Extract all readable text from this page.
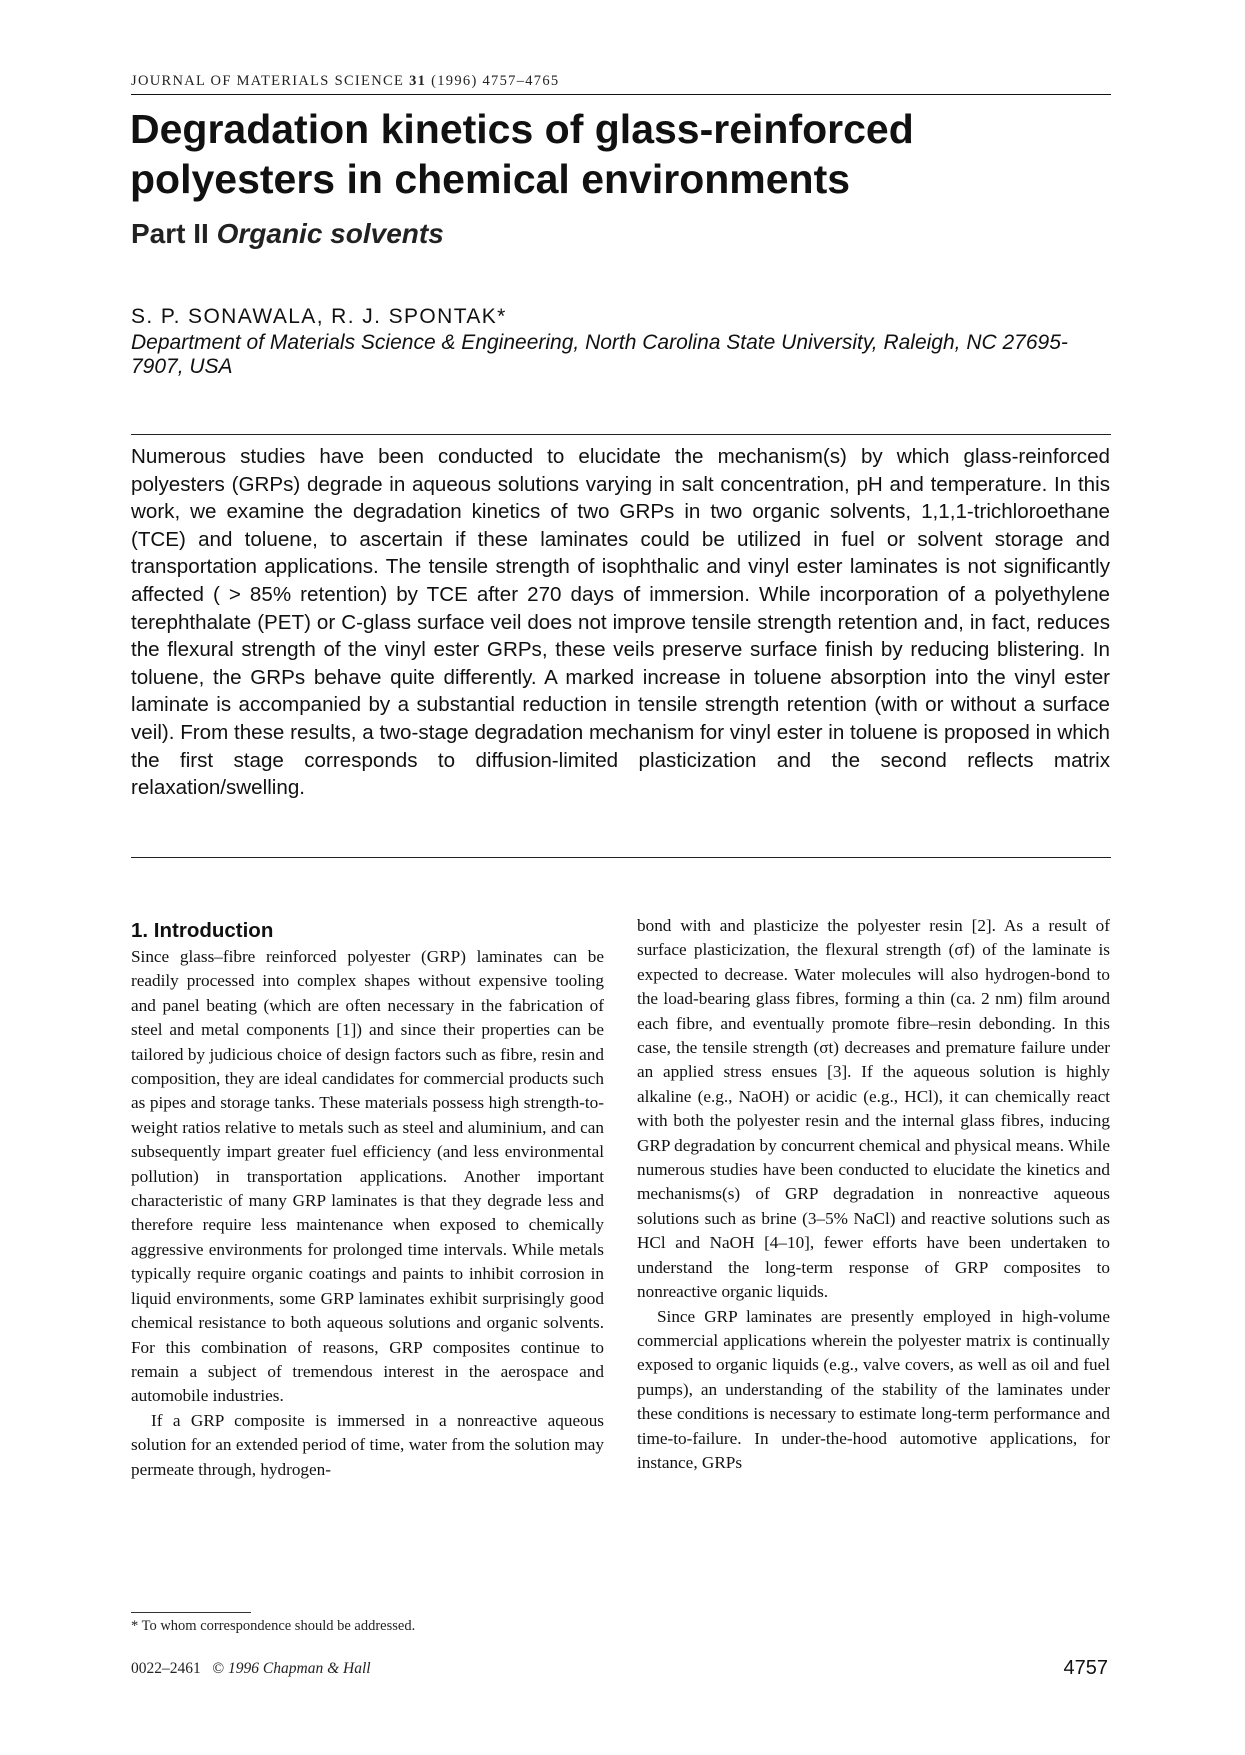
JOURNAL OF MATERIALS SCIENCE 31 (1996) 4757–4765
Degradation kinetics of glass-reinforced polyesters in chemical environments
Part II Organic solvents
S. P. SONAWALA, R. J. SPONTAK*
Department of Materials Science & Engineering, North Carolina State University, Raleigh, NC 27695-7907, USA

Numerous studies have been conducted to elucidate the mechanism(s) by which glass-reinforced polyesters (GRPs) degrade in aqueous solutions varying in salt concentration, pH and temperature. In this work, we examine the degradation kinetics of two GRPs in two organic solvents, 1,1,1-trichloroethane (TCE) and toluene, to ascertain if these laminates could be utilized in fuel or solvent storage and transportation applications. The tensile strength of isophthalic and vinyl ester laminates is not significantly affected ( > 85% retention) by TCE after 270 days of immersion. While incorporation of a polyethylene terephthalate (PET) or C-glass surface veil does not improve tensile strength retention and, in fact, reduces the flexural strength of the vinyl ester GRPs, these veils preserve surface finish by reducing blistering. In toluene, the GRPs behave quite differently. A marked increase in toluene absorption into the vinyl ester laminate is accompanied by a substantial reduction in tensile strength retention (with or without a surface veil). From these results, a two-stage degradation mechanism for vinyl ester in toluene is proposed in which the first stage corresponds to diffusion-limited plasticization and the second reflects matrix relaxation/swelling.

1. Introduction

Since glass–fibre reinforced polyester (GRP) laminates can be readily processed into complex shapes without expensive tooling and panel beating (which are often necessary in the fabrication of steel and metal components [1]) and since their properties can be tailored by judicious choice of design factors such as fibre, resin and composition, they are ideal candidates for commercial products such as pipes and storage tanks. These materials possess high strength-to-weight ratios relative to metals such as steel and aluminium, and can subsequently impart greater fuel efficiency (and less environmental pollution) in transportation applications. Another important characteristic of many GRP laminates is that they degrade less and therefore require less maintenance when exposed to chemically aggressive environments for prolonged time intervals. While metals typically require organic coatings and paints to inhibit corrosion in liquid environments, some GRP laminates exhibit surprisingly good chemical resistance to both aqueous solutions and organic solvents. For this combination of reasons, GRP composites continue to remain a subject of tremendous interest in the aerospace and automobile industries.

If a GRP composite is immersed in a nonreactive aqueous solution for an extended period of time, water from the solution may permeate through, hydrogen-

bond with and plasticize the polyester resin [2]. As a result of surface plasticization, the flexural strength (σf) of the laminate is expected to decrease. Water molecules will also hydrogen-bond to the load-bearing glass fibres, forming a thin (ca. 2 nm) film around each fibre, and eventually promote fibre–resin debonding. In this case, the tensile strength (σt) decreases and premature failure under an applied stress ensues [3]. If the aqueous solution is highly alkaline (e.g., NaOH) or acidic (e.g., HCl), it can chemically react with both the polyester resin and the internal glass fibres, inducing GRP degradation by concurrent chemical and physical means. While numerous studies have been conducted to elucidate the kinetics and mechanisms(s) of GRP degradation in nonreactive aqueous solutions such as brine (3–5% NaCl) and reactive solutions such as HCl and NaOH [4–10], fewer efforts have been undertaken to understand the long-term response of GRP composites to nonreactive organic liquids.

Since GRP laminates are presently employed in high-volume commercial applications wherein the polyester matrix is continually exposed to organic liquids (e.g., valve covers, as well as oil and fuel pumps), an understanding of the stability of the laminates under these conditions is necessary to estimate long-term performance and time-to-failure. In under-the-hood automotive applications, for instance, GRPs

* To whom correspondence should be addressed.
0022–2461 © 1996 Chapman & Hall	4757
